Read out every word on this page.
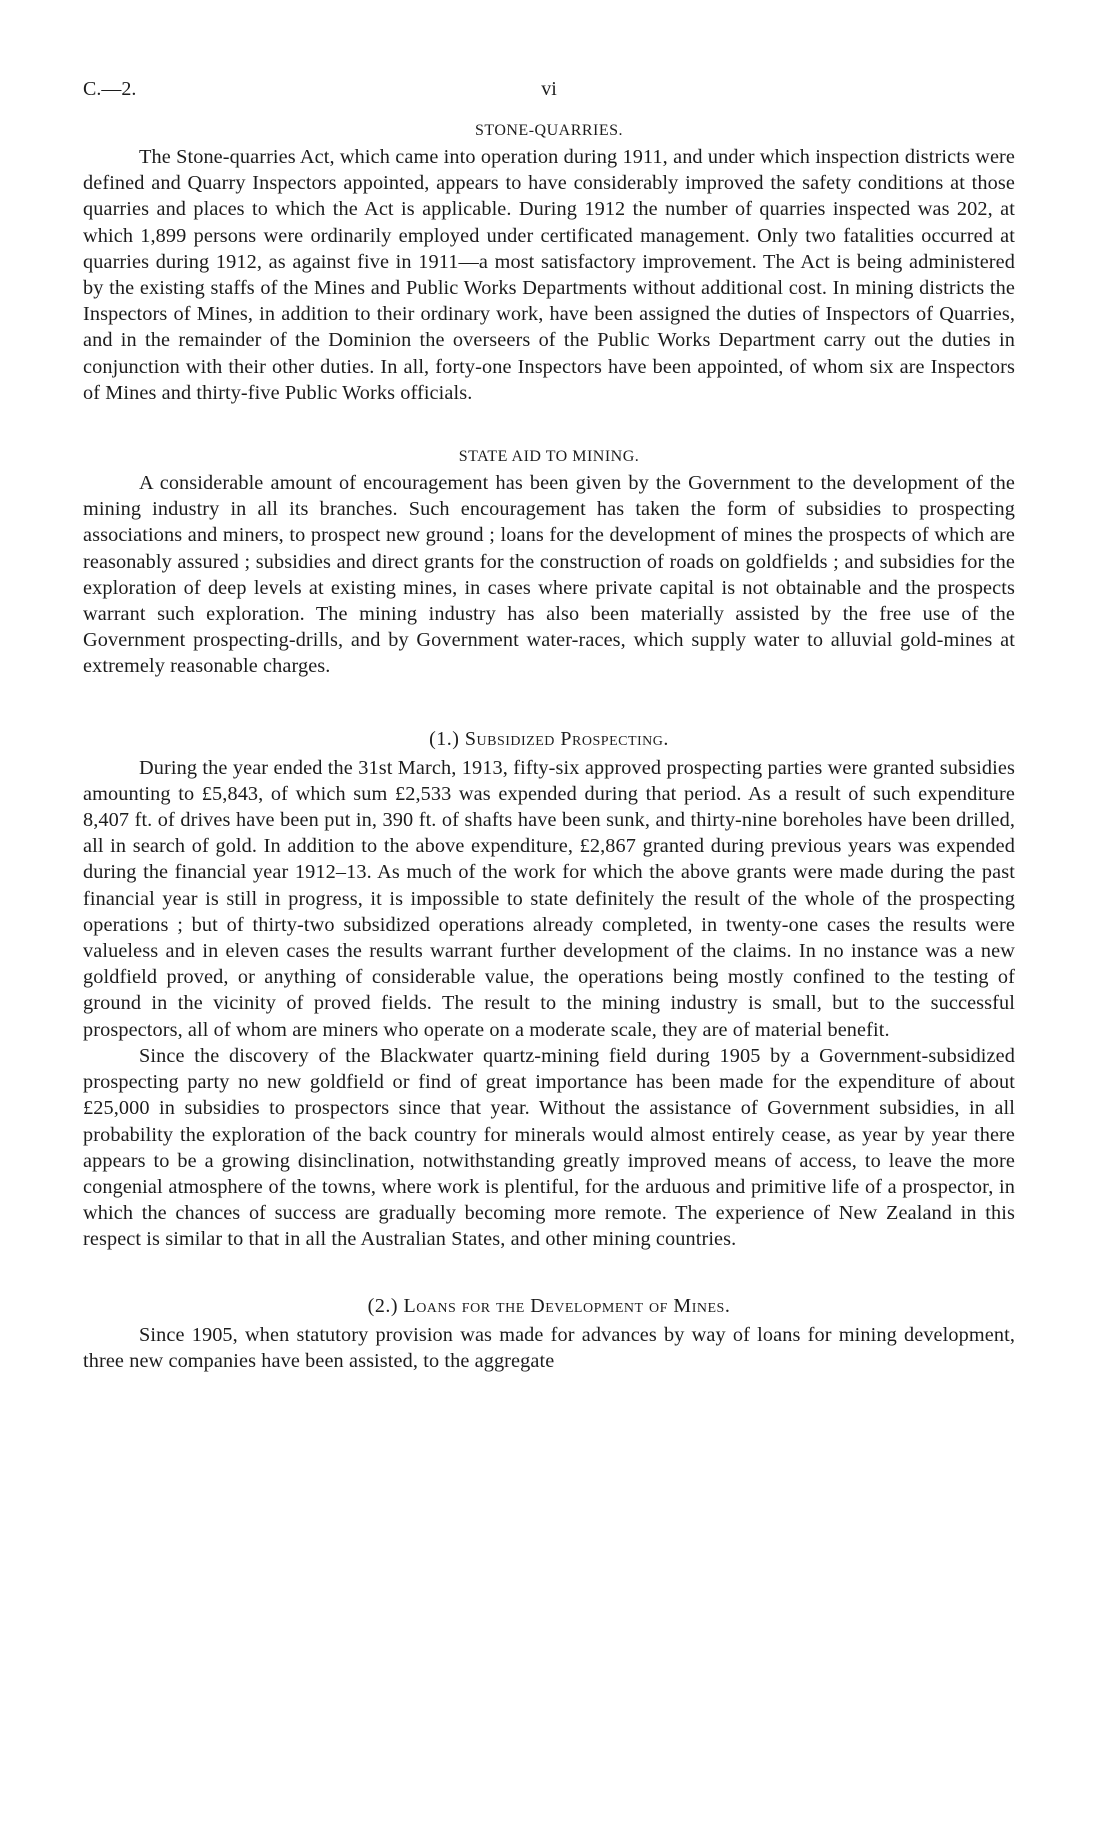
C.—2.	vi
STONE-QUARRIES.

The Stone-quarries Act, which came into operation during 1911, and under which inspection districts were defined and Quarry Inspectors appointed, appears to have considerably improved the safety conditions at those quarries and places to which the Act is applicable. During 1912 the number of quarries inspected was 202, at which 1,899 persons were ordinarily employed under certificated management. Only two fatalities occurred at quarries during 1912, as against five in 1911—a most satisfactory improvement. The Act is being administered by the existing staffs of the Mines and Public Works Departments without additional cost. In mining districts the Inspectors of Mines, in addition to their ordinary work, have been assigned the duties of Inspectors of Quarries, and in the remainder of the Dominion the overseers of the Public Works Department carry out the duties in conjunction with their other duties. In all, forty-one Inspectors have been appointed, of whom six are Inspectors of Mines and thirty-five Public Works officials.

STATE AID TO MINING.

A considerable amount of encouragement has been given by the Government to the development of the mining industry in all its branches. Such encouragement has taken the form of subsidies to prospecting associations and miners, to prospect new ground ; loans for the development of mines the prospects of which are reasonably assured ; subsidies and direct grants for the construction of roads on goldfields ; and subsidies for the exploration of deep levels at existing mines, in cases where private capital is not obtainable and the prospects warrant such exploration. The mining industry has also been materially assisted by the free use of the Government prospecting-drills, and by Government water-races, which supply water to alluvial gold-mines at extremely reasonable charges.

(1.) Subsidized Prospecting.

During the year ended the 31st March, 1913, fifty-six approved prospecting parties were granted subsidies amounting to £5,843, of which sum £2,533 was expended during that period. As a result of such expenditure 8,407 ft. of drives have been put in, 390 ft. of shafts have been sunk, and thirty-nine boreholes have been drilled, all in search of gold. In addition to the above expenditure, £2,867 granted during previous years was expended during the financial year 1912–13. As much of the work for which the above grants were made during the past financial year is still in progress, it is impossible to state definitely the result of the whole of the prospecting operations ; but of thirty-two subsidized operations already completed, in twenty-one cases the results were valueless and in eleven cases the results warrant further development of the claims. In no instance was a new goldfield proved, or anything of considerable value, the operations being mostly confined to the testing of ground in the vicinity of proved fields. The result to the mining industry is small, but to the successful prospectors, all of whom are miners who operate on a moderate scale, they are of material benefit.

Since the discovery of the Blackwater quartz-mining field during 1905 by a Government-subsidized prospecting party no new goldfield or find of great importance has been made for the expenditure of about £25,000 in subsidies to prospectors since that year. Without the assistance of Government subsidies, in all probability the exploration of the back country for minerals would almost entirely cease, as year by year there appears to be a growing disinclination, notwithstanding greatly improved means of access, to leave the more congenial atmosphere of the towns, where work is plentiful, for the arduous and primitive life of a prospector, in which the chances of success are gradually becoming more remote. The experience of New Zealand in this respect is similar to that in all the Australian States, and other mining countries.

(2.) Loans for the Development of Mines.

Since 1905, when statutory provision was made for advances by way of loans for mining development, three new companies have been assisted, to the aggregate
